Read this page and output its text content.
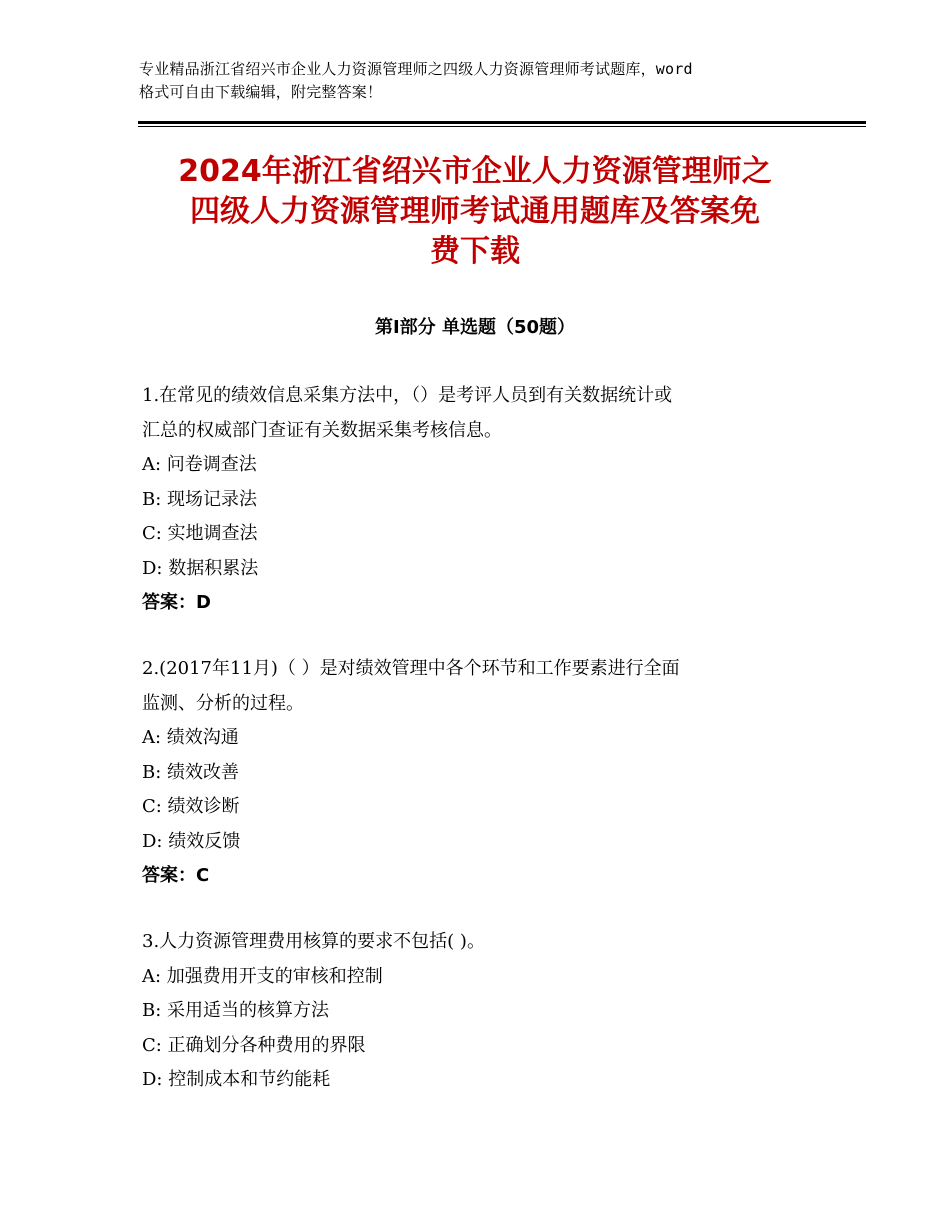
专业精品浙江省绍兴市企业人力资源管理师之四级人力资源管理师考试题库，word
格式可自由下载编辑，附完整答案！
2024年浙江省绍兴市企业人力资源管理师之
四级人力资源管理师考试通用题库及答案免
费下载
第Ⅰ部分 单选题（50题）

1.在常见的绩效信息采集方法中，（）是考评人员到有关数据统计或

汇总的权威部门查证有关数据采集考核信息。

A: 问卷调查法

B: 现场记录法

C: 实地调查法

D: 数据积累法

答案：D

2.(2017年11月)（ ）是对绩效管理中各个环节和工作要素进行全面

监测、分析的过程。

A: 绩效沟通

B: 绩效改善

C: 绩效诊断

D: 绩效反馈

答案：C

3.人力资源管理费用核算的要求不包括( )。

A: 加强费用开支的审核和控制

B: 采用适当的核算方法

C: 正确划分各种费用的界限

D: 控制成本和节约能耗
